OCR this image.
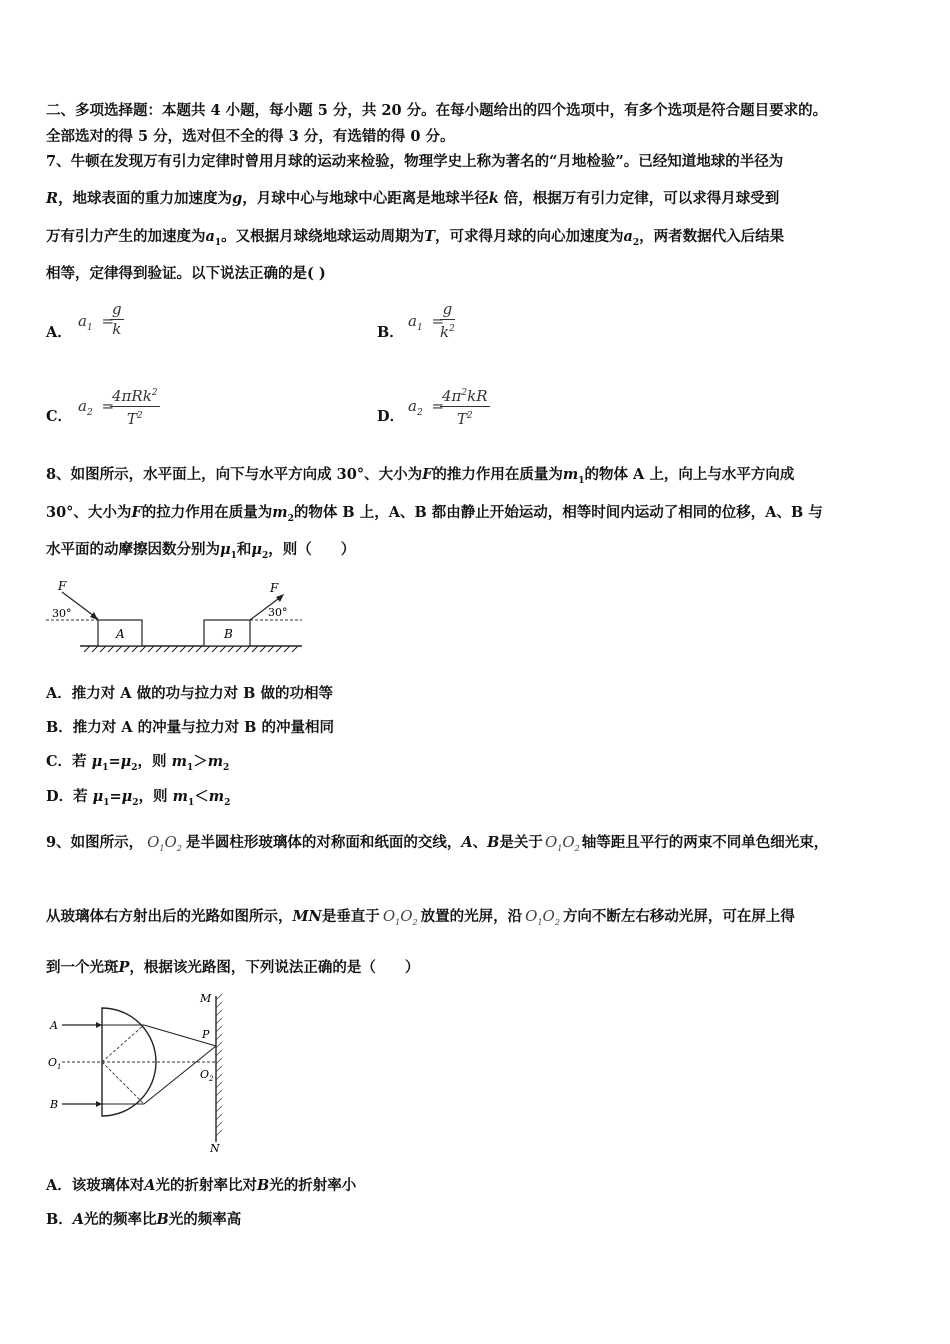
二、多项选择题：本题共 4 小题，每小题 5 分，共 20 分。在每小题给出的四个选项中，有多个选项是符合题目要求的。
全部选对的得 5 分，选对但不全的得 3 分，有选错的得 0 分。
7、牛顿在发现万有引力定律时曾用月球的运动来检验，物理学史上称为著名的“月地检验”。已经知道地球的半径为
R，地球表面的重力加速度为g，月球中心与地球中心距离是地球半径k 倍，根据万有引力定律，可以求得月球受到
万有引力产生的加速度为$a_1$。又根据月球绕地球运动周期为T，可求得月球的向心加速度为$a_2$，两者数据代入后结果
相等，定律得到验证。以下说法正确的是( )
A．
$a_1$ =
$\frac{g}{k}$	B．
$a_1$ =
$\frac{g}{k^2}$
C．
$a_2$ =
4πRk$^2$
$T^2$	D．
$a_2$ =
$\frac{4\pi^2kR}{T^2}$
8、如图所示，水平面上，向下与水平方向成 30°、大小为F的推力作用在质量为$m_1$的物体 A 上，向上与水平方向成
30°、大小为F的拉力作用在质量为$m_2$的物体 B 上，A、B 都由静止开始运动，相等时间内运动了相同的位移，A、B 与
水平面的动摩擦因数分别为$\mu_1$和$\mu_2$，则（　　）
A
F
30°
B
F
30°
A．推力对 A 做的功与拉力对 B 做的功相等
B．推力对 A 的冲量与拉力对 B 的冲量相同
C．若 $\mu_1=\mu_2$，则 $m_1>m_2$
D．若 $\mu_1=\mu_2$，则 $m_1<m_2$
9、如图所示， $O_1O_2$ 是半圆柱形玻璃体的对称面和纸面的交线，A、B是关于 $O_1O_2$ 轴等距且平行的两束不同单色细光束，
从玻璃体右方射出后的光路如图所示，MN是垂直于 $O_1O_2$ 放置的光屏，沿 $O_1O_2$ 方向不断左右移动光屏，可在屏上得
到一个光斑P，根据该光路图，下列说法正确的是（　　）
M
N
P
$O_1$
$O_2$
A
B
A．该玻璃体对A光的折射率比对B光的折射率小
B．A光的频率比B光的频率高
